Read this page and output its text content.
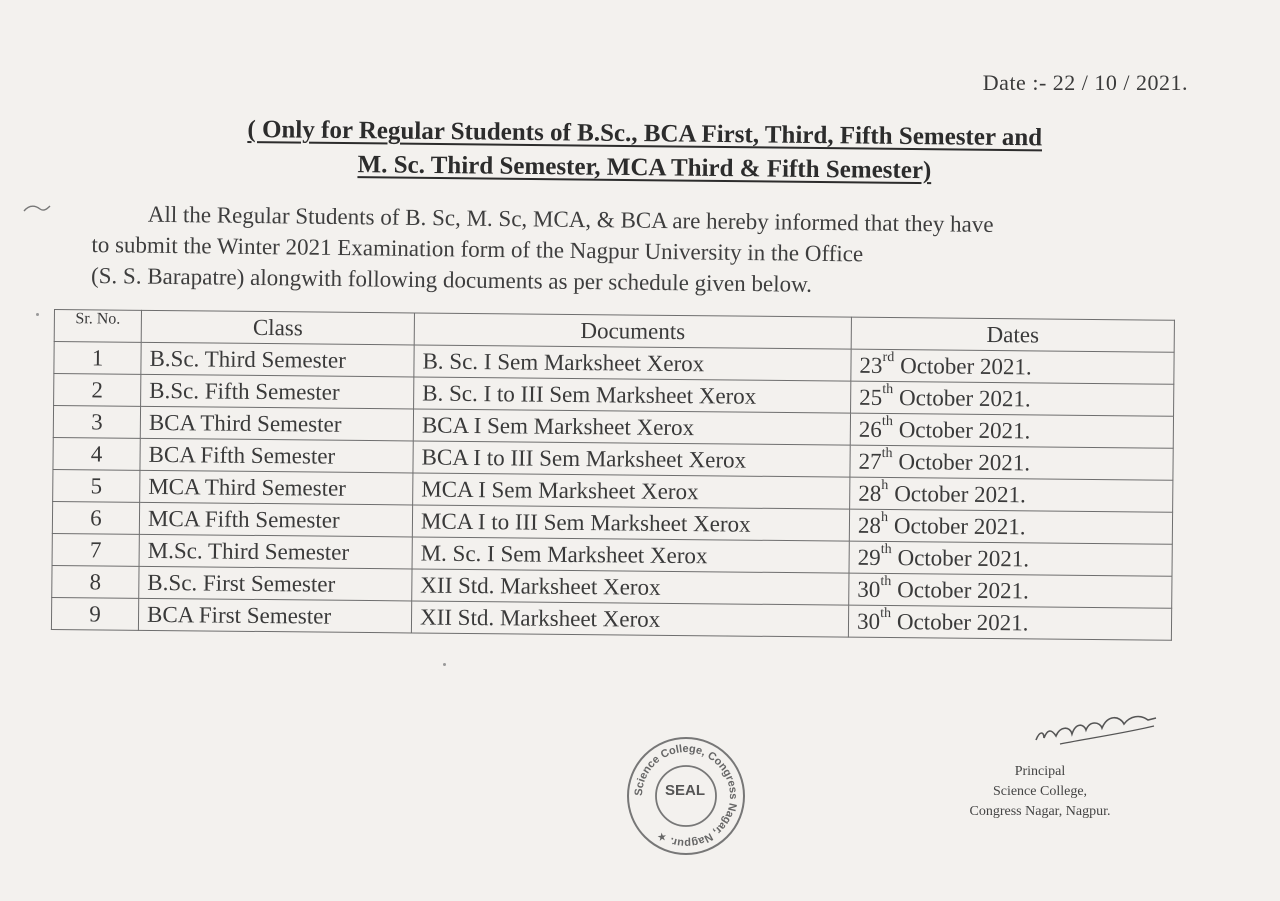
Date :- 22 / 10 / 2021.
( Only for Regular Students of B.Sc., BCA First, Third, Fifth Semester and
M. Sc. Third Semester, MCA Third & Fifth Semester)
All the Regular Students of B. Sc, M. Sc, MCA, & BCA are hereby informed that they have
to submit the Winter 2021 Examination form of the Nagpur University in the Office
(S. S. Barapatre) alongwith following documents as per schedule given below.
Sr. No.	Class	Documents	Dates
1	B.Sc. Third Semester	B. Sc. I Sem Marksheet Xerox	23rd October 2021.
2	B.Sc. Fifth Semester	B. Sc. I to III Sem Marksheet Xerox	25th October 2021.
3	BCA Third Semester	BCA I Sem Marksheet Xerox	26th October 2021.
4	BCA Fifth Semester	BCA I to III Sem Marksheet Xerox	27th October 2021.
5	MCA Third Semester	MCA I Sem Marksheet Xerox	28$^h$ October 2021.
6	MCA Fifth Semester	MCA I to III Sem Marksheet Xerox	28$^h$ October 2021.
7	M.Sc. Third Semester	M. Sc. I Sem Marksheet Xerox	29th October 2021.
8	B.Sc. First Semester	XII Std. Marksheet Xerox	30th October 2021.
9	BCA First Semester	XII Std. Marksheet Xerox	30th October 2021.
Science College, Congress Nagar, Nagpur. ★
SEAL
Principal
Science College,
Congress Nagar, Nagpur.
